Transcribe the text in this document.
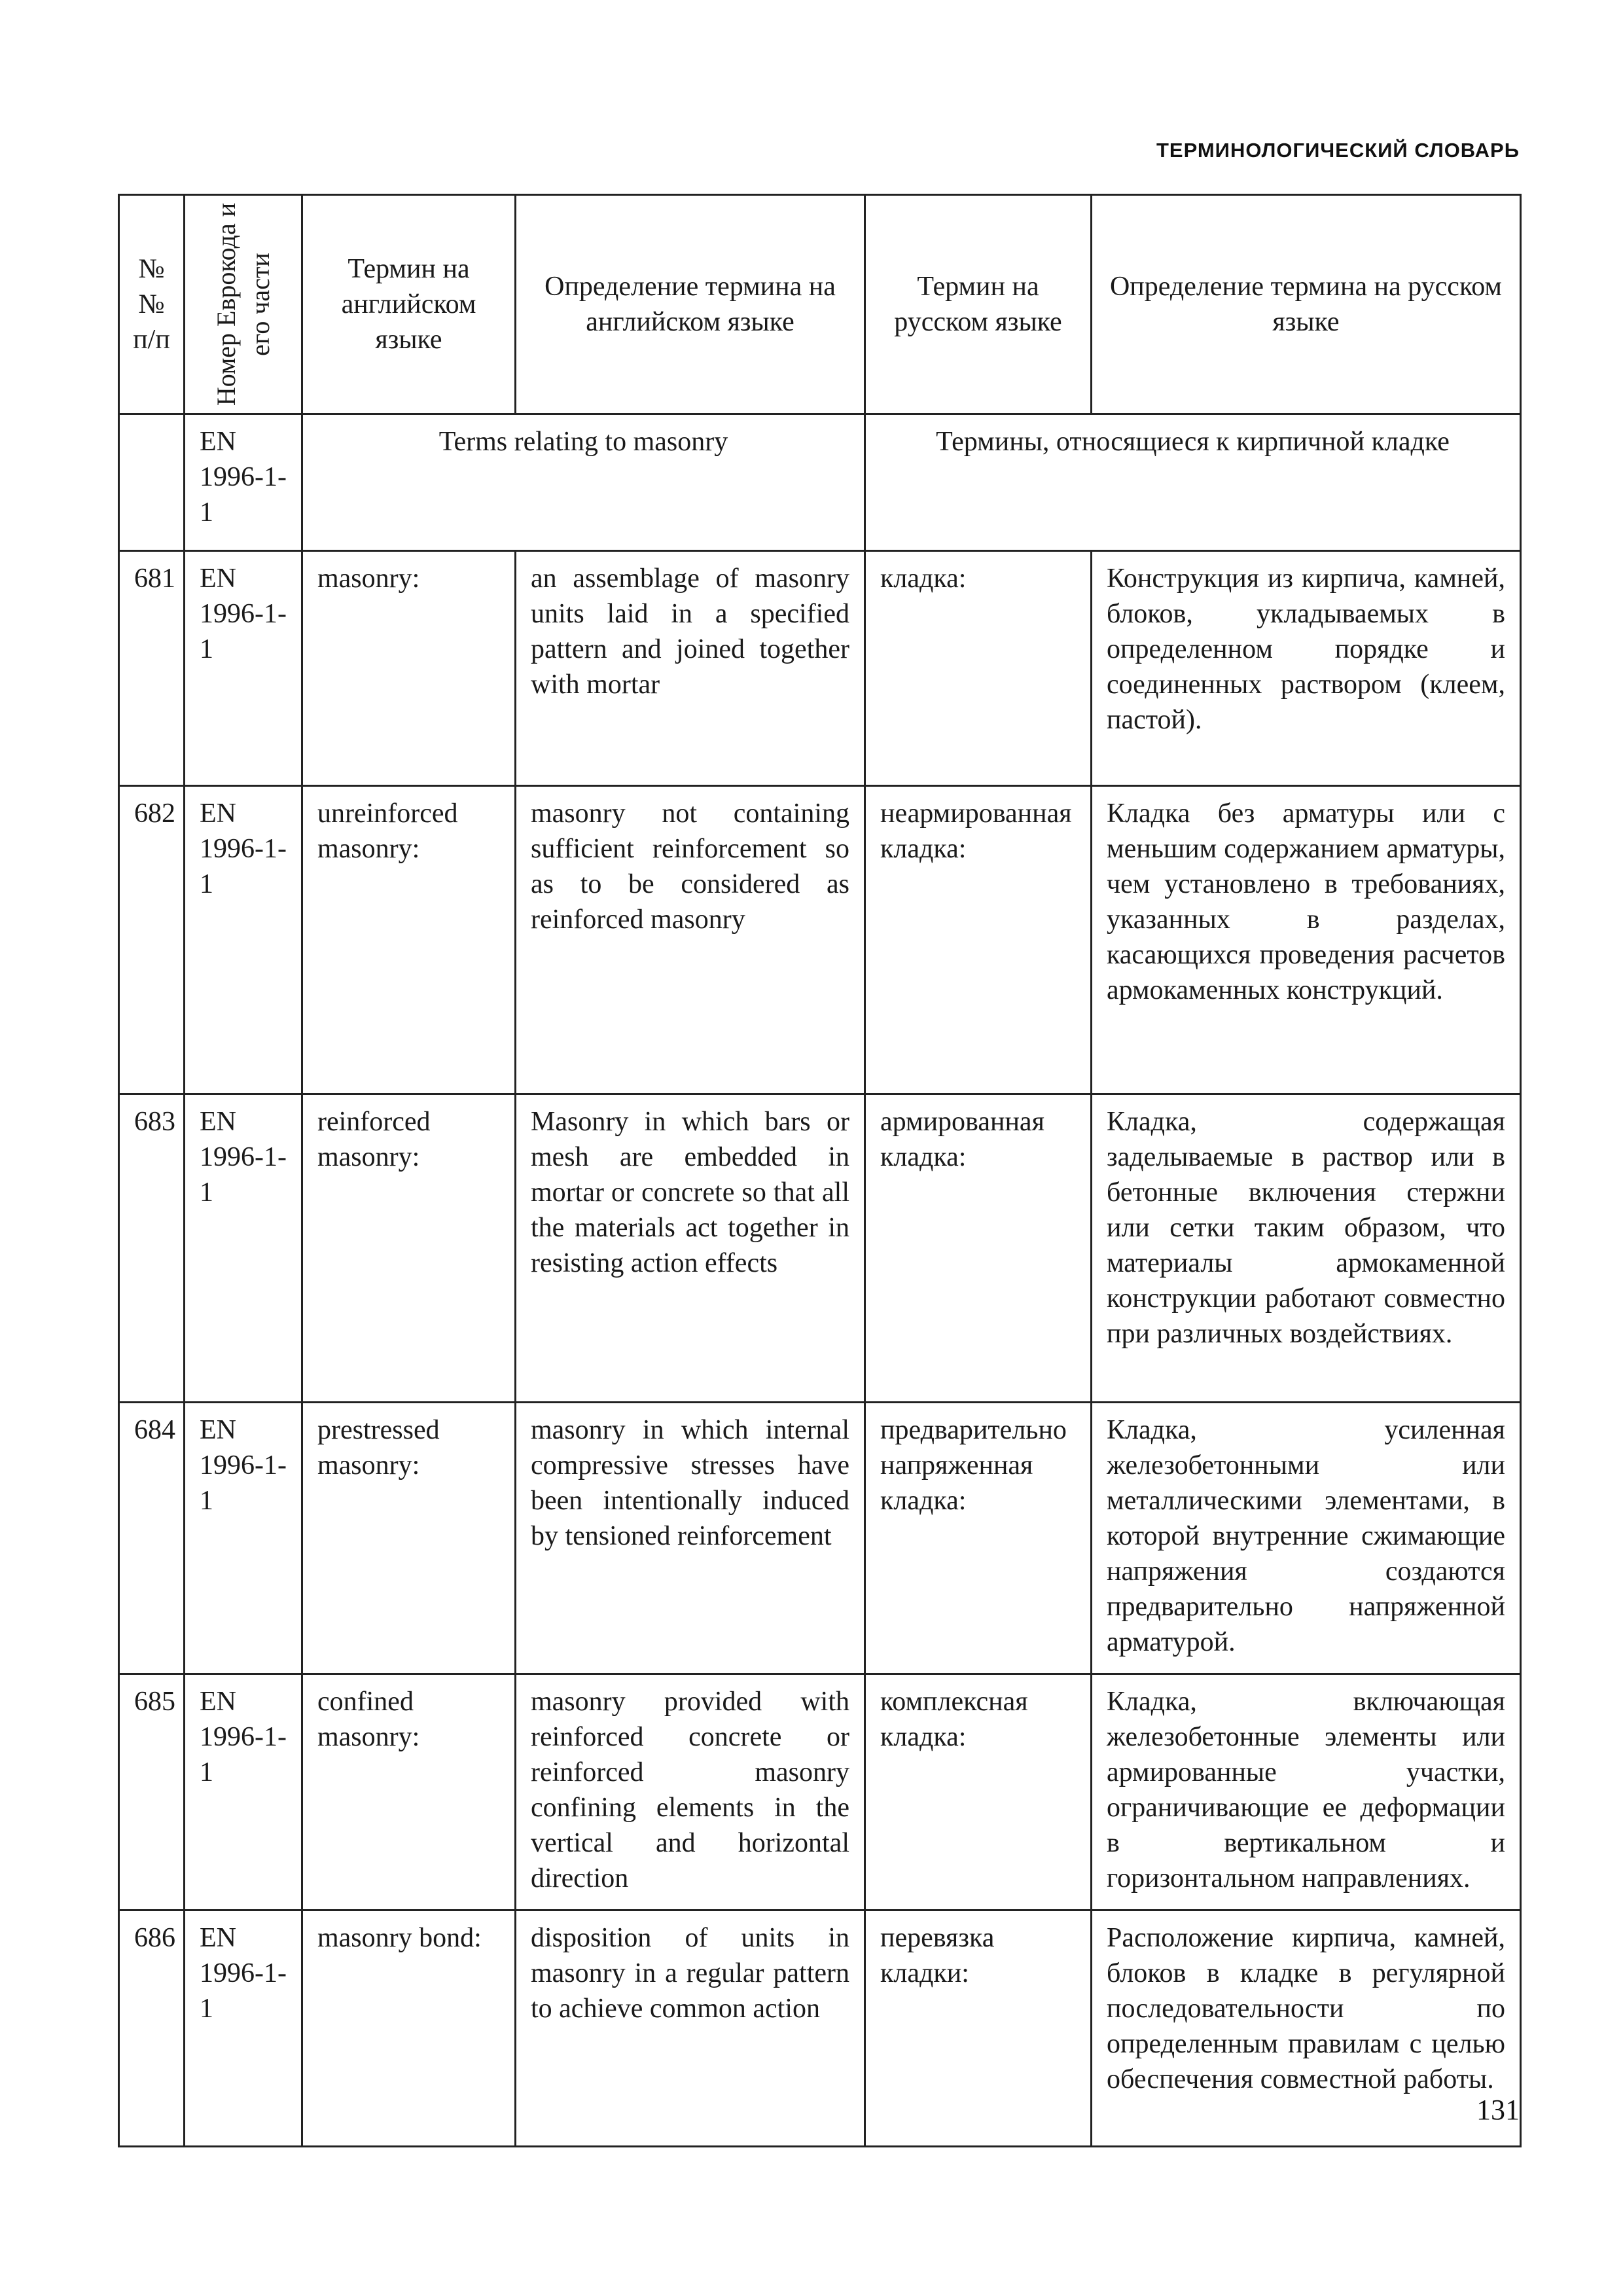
ТЕРМИНОЛОГИЧЕСКИЙ СЛОВАРЬ
№№ п/п	Номер Еврокода и его части	Термин на английском языке	Определение термина на английском языке	Термин на русском языке	Определение термина на русском языке
	EN 1996-1-1	Terms relating to masonry		Термины, относящиеся к кирпичной кладке	
681	EN 1996-1-1	masonry:	an assemblage of masonry units laid in a specified pattern and joined together with mortar	кладка:	Конструкция из кирпича, камней, блоков, укладываемых в определенном порядке и соединенных раствором (клеем, пастой).
682	EN 1996-1-1	unreinforced masonry:	masonry not containing sufficient reinforcement so as to be considered as reinforced masonry	неармированная кладка:	Кладка без арматуры или с меньшим содержанием арматуры, чем установлено в требованиях, указанных в разделах, касающихся проведения расчетов армокаменных конструкций.
683	EN 1996-1-1	reinforced masonry:	Masonry in which bars or mesh are embedded in mortar or concrete so that all the materials act together in resisting action effects	армированная кладка:	Кладка, содержащая заделываемые в раствор или в бетонные включения стержни или сетки таким образом, что материалы армокаменной конструкции работают совместно при различных воздействиях.
684	EN 1996-1-1	prestressed masonry:	masonry in which internal compressive stresses have been intentionally induced by tensioned reinforcement	предварительно напряженная кладка:	Кладка, усиленная железобетонными или металлическими элементами, в которой внутренние сжимающие напряжения создаются предварительно напряженной арматурой.
685	EN 1996-1-1	confined masonry:	masonry provided with reinforced concrete or reinforced masonry confining elements in the vertical and horizontal direction	комплексная кладка:	Кладка, включающая железобетонные элементы или армированные участки, ограничивающие ее деформации в вертикальном и горизонтальном направлениях.
686	EN 1996-1-1	masonry bond:	disposition of units in masonry in a regular pattern to achieve common action	перевязка кладки:	Расположение кирпича, камней, блоков в кладке в регулярной последовательности по определенным правилам с целью обеспечения совместной работы.
131
